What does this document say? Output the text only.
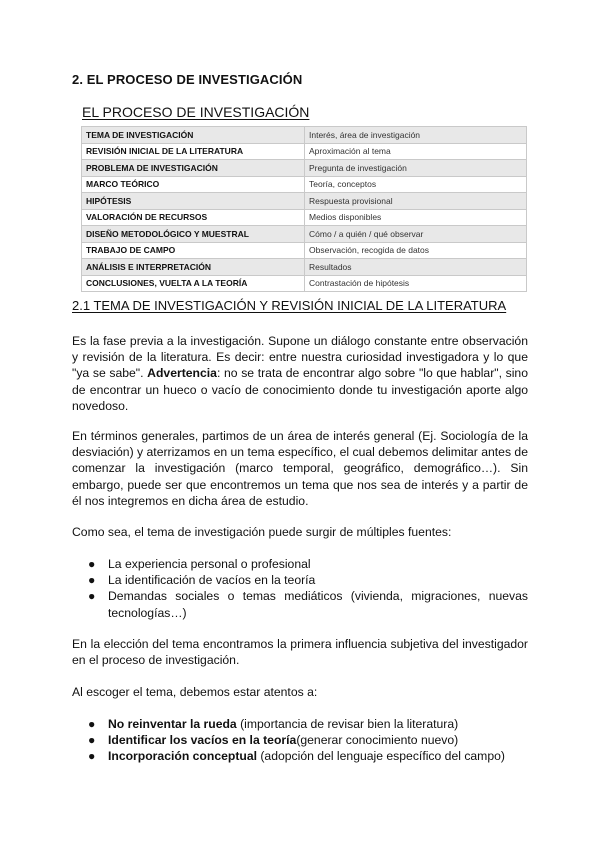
2. EL PROCESO DE INVESTIGACIÓN
EL PROCESO DE INVESTIGACIÓN
TEMA DE INVESTIGACIÓN	Interés, área de investigación
REVISIÓN INICIAL DE LA LITERATURA	Aproximación al tema
PROBLEMA DE INVESTIGACIÓN	Pregunta de investigación
MARCO TEÓRICO	Teoría, conceptos
HIPÓTESIS	Respuesta provisional
VALORACIÓN DE RECURSOS	Medios disponibles
DISEÑO METODOLÓGICO Y MUESTRAL	Cómo / a quién / qué observar
TRABAJO DE CAMPO	Observación, recogida de datos
ANÁLISIS E INTERPRETACIÓN	Resultados
CONCLUSIONES, VUELTA A LA TEORÍA	Contrastación de hipótesis
2.1 TEMA DE INVESTIGACIÓN Y REVISIÓN INICIAL DE LA LITERATURA

Es la fase previa a la investigación. Supone un diálogo constante entre observación y revisión de la literatura. Es decir: entre nuestra curiosidad investigadora y lo que "ya se sabe". Advertencia: no se trata de encontrar algo sobre "lo que hablar", sino de encontrar un hueco o vacío de conocimiento donde tu investigación aporte algo novedoso.

En términos generales, partimos de un área de interés general (Ej. Sociología de la desviación) y aterrizamos en un tema específico, el cual debemos delimitar antes de comenzar la investigación (marco temporal, geográfico, demográfico…). Sin embargo, puede ser que encontremos un tema que nos sea de interés y a partir de él nos integremos en dicha área de estudio.

Como sea, el tema de investigación puede surgir de múltiples fuentes:

● La experiencia personal o profesional
● La identificación de vacíos en la teoría
● Demandas sociales o temas mediáticos (vivienda, migraciones, nuevas tecnologías…)

En la elección del tema encontramos la primera influencia subjetiva del investigador en el proceso de investigación.

Al escoger el tema, debemos estar atentos a:

● No reinventar la rueda (importancia de revisar bien la literatura)
● Identificar los vacíos en la teoría(generar conocimiento nuevo)
● Incorporación conceptual (adopción del lenguaje específico del campo)
